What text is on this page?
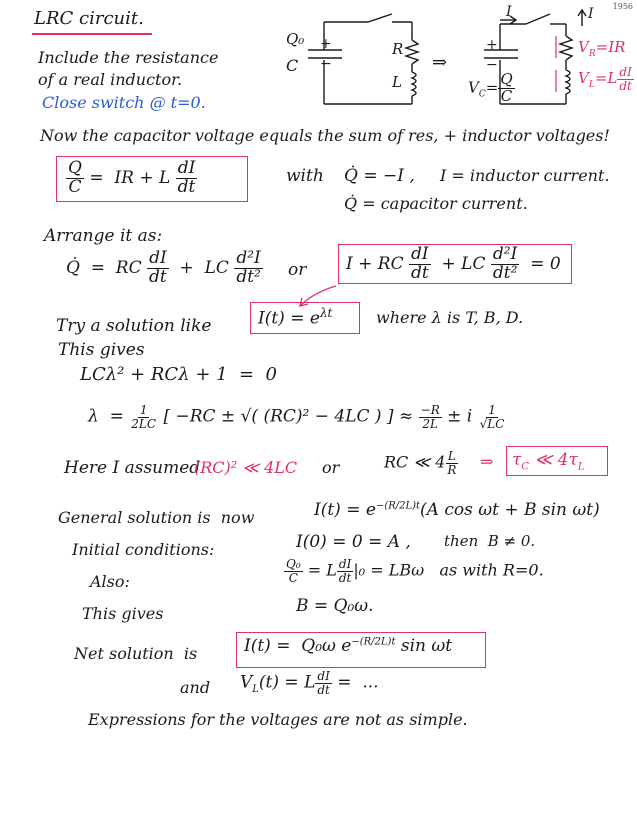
1956
LRC circuit.
Include the resistance
of a real inductor.
Close switch @ t=0.
Q₀
C
+
−
R
L
⇒
I	I
+
−
$V_C= \frac{Q}{C}$
$V_R=IR$
$V_L=L \frac{dI}{dt}$
Now the capacitor voltage equals the sum of res, + inductor voltages!
$\frac{Q}{C}$ =  IR + L $\frac{dI}{dt}$	with Q̇ = −I , I = inductor current.
Q̇ = capacitor current.
Arrange it as:
Q̇  =  RC $\frac{dI}{dt}$ +  LC $\frac{\text{d²I}}{\text{dt²}}$ or I + RC $\frac{dI}{dt}$ + LC $\frac{\text{d²I}}{\text{dt²}} = 0$
Try a solution like	$I(t) = e^{\lambda t}$	where λ is T, B, D.
This gives
LCλ² + RCλ + 1  =  0
$\lambda = \frac{1}{2LC}$ [ −RC ± √( (RC)² − 4LC ) ] ≈ $\frac{-R}{2L} \pm i \frac{1}{√LC}$
Here I assumed
(RC)² ≪ 4LC or	RC ≪ $4 \frac{L}{R}$ ⇒ $\tau_C$ ≪ $4\tau_L$
General solution is  now	$I(t) = e^{-(R/2L)t}(A$ cos ωt + B sin ωt)
Initial conditions:	I(0) = 0 = A , then  B ≠ 0.
Also:	$\frac{\text{Q₀}}{C} = L \frac{dI}{dt} |_0 = LB\omega$   as with R=0.
This gives	B = Q₀ω.
Net solution  is	I(t) =  Q₀ω $e^{-(R/2L)t}$ sin ωt
and $V_L(t) = L \frac{dI}{dt}$ =  ...
Expressions for the voltages are not as simple.
